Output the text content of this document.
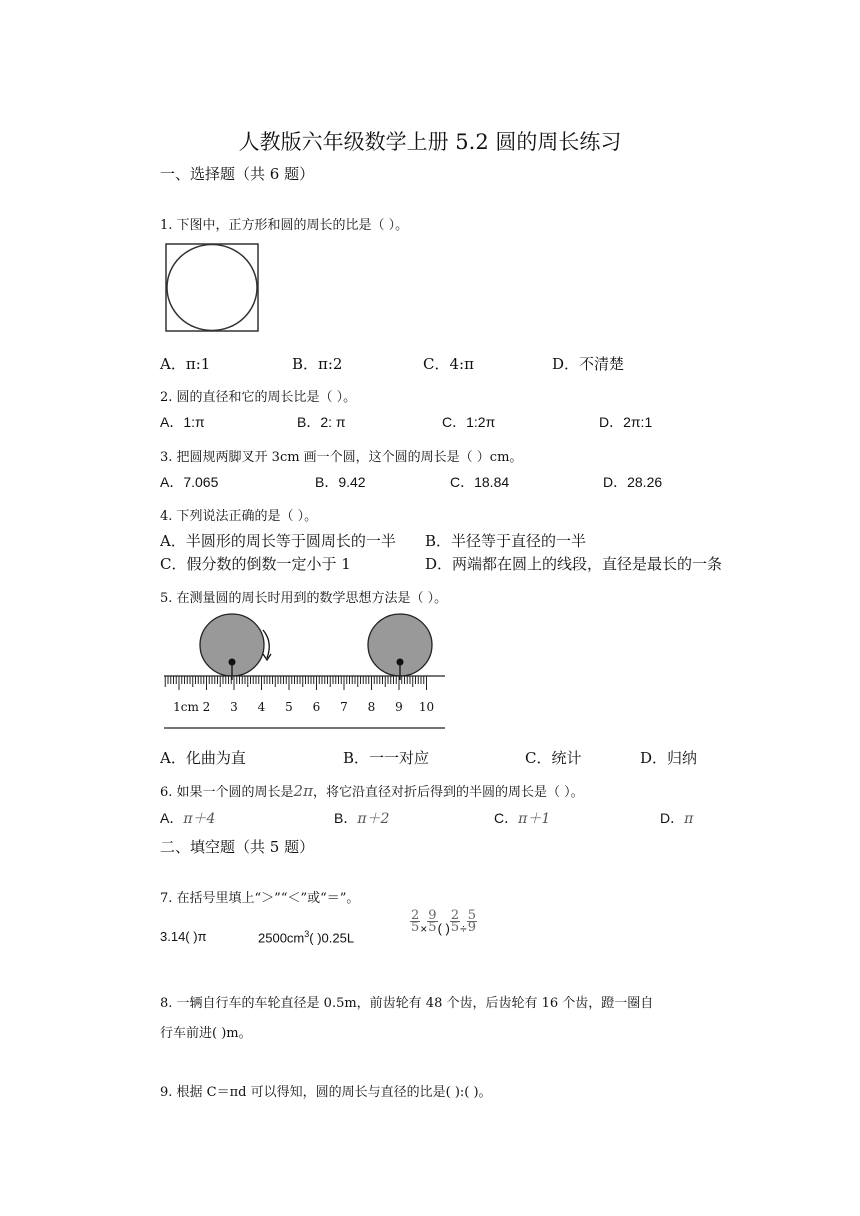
人教版六年级数学上册 5.2 圆的周长练习
一、选择题（共 6 题）
1. 下图中，正方形和圆的周长的比是（ ）。
A．π:1	B．π:2	C．4:π	D．不清楚
2. 圆的直径和它的周长比是（ ）。
A．1:π	B．2: π	C．1:2π	D．2π:1
3. 把圆规两脚叉开 3cm 画一个圆，这个圆的周长是（ ）cm。
A．7.065	B．9.42	C．18.84	D．28.26
4. 下列说法正确的是（ ）。
A．半圆形的周长等于圆周长的一半 B．半径等于直径的一半
C．假分数的倒数一定小于 1	D．两端都在圆上的线段，直径是最长的一条
5. 在测量圆的周长时用到的数学思想方法是（ ）。
1cm 2 3 4 5 6 7 8 9 10
A．化曲为直	B．一一对应	C．统计	D．归纳
6. 如果一个圆的周长是2π，将它沿直径对折后得到的半圆的周长是（ ）。
A．π＋4	B．π＋2	C．π＋1	D．π
二、填空题（共 5 题）
7. 在括号里填上“＞”“＜”或“＝”。
3.14( )π	$2500cm^3$( )0.25L
$\frac{2}{5} \times \frac{9}{5}$ ( ) $\frac{2}{5} \div \frac{5}{9}$
8. 一辆自行车的车轮直径是 0.5m，前齿轮有 48 个齿，后齿轮有 16 个齿，蹬一圈自
行车前进( )m。
9. 根据 C＝πd 可以得知，圆的周长与直径的比是( ):( )。
